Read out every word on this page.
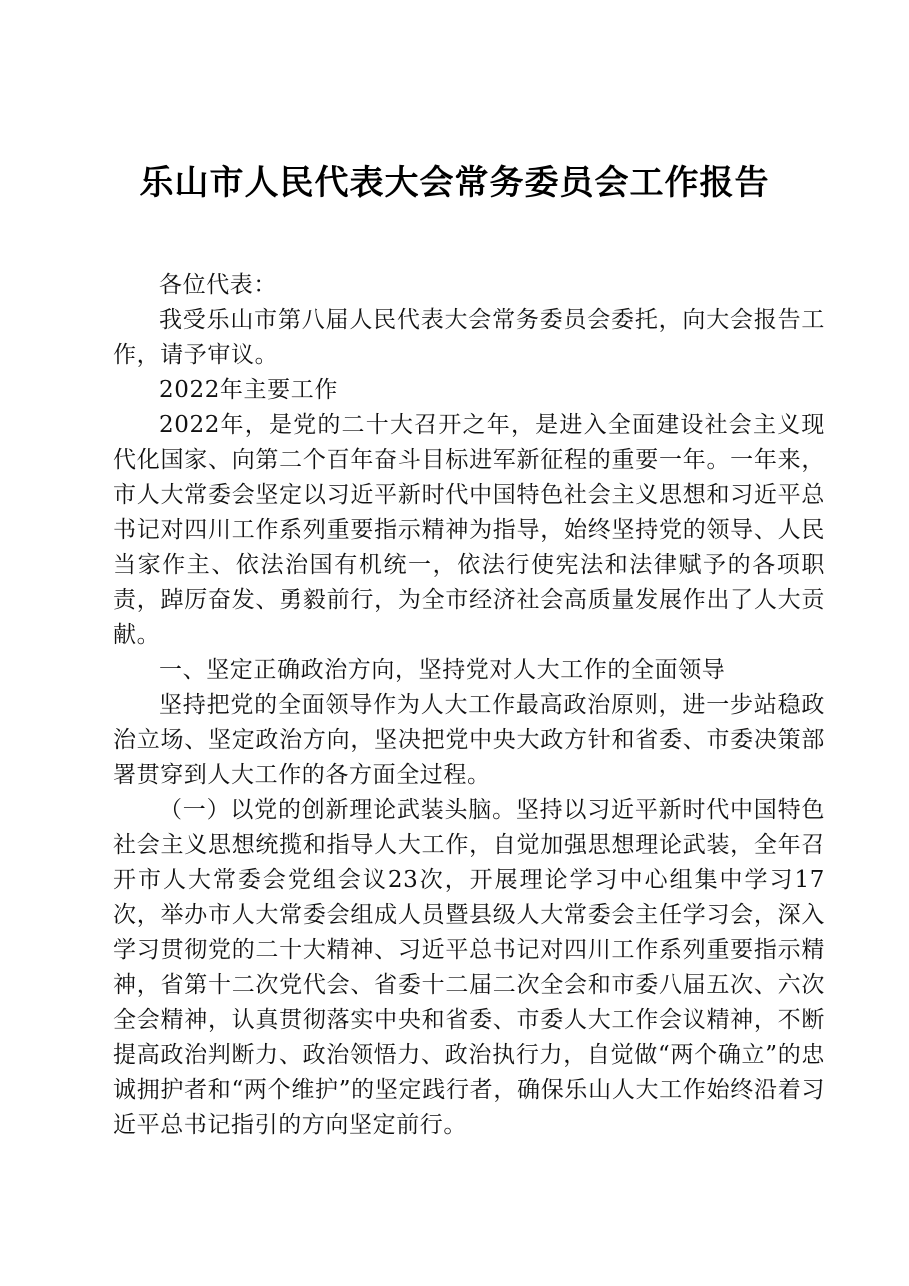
乐山市人民代表大会常务委员会工作报告

各位代表：

我受乐山市第八届人民代表大会常务委员会委托，向大会报告工作，请予审议。

2022年主要工作

2022年，是党的二十大召开之年，是进入全面建设社会主义现代化国家、向第二个百年奋斗目标进军新征程的重要一年。一年来，市人大常委会坚定以习近平新时代中国特色社会主义思想和习近平总书记对四川工作系列重要指示精神为指导，始终坚持党的领导、人民当家作主、依法治国有机统一，依法行使宪法和法律赋予的各项职责，踔厉奋发、勇毅前行，为全市经济社会高质量发展作出了人大贡献。

一、坚定正确政治方向，坚持党对人大工作的全面领导

坚持把党的全面领导作为人大工作最高政治原则，进一步站稳政治立场、坚定政治方向，坚决把党中央大政方针和省委、市委决策部署贯穿到人大工作的各方面全过程。

（一）以党的创新理论武装头脑。坚持以习近平新时代中国特色社会主义思想统揽和指导人大工作，自觉加强思想理论武装，全年召开市人大常委会党组会议23次，开展理论学习中心组集中学习17次，举办市人大常委会组成人员暨县级人大常委会主任学习会，深入学习贯彻党的二十大精神、习近平总书记对四川工作系列重要指示精神，省第十二次党代会、省委十二届二次全会和市委八届五次、六次全会精神，认真贯彻落实中央和省委、市委人大工作会议精神，不断提高政治判断力、政治领悟力、政治执行力，自觉做“两个确立”的忠诚拥护者和“两个维护”的坚定践行者，确保乐山人大工作始终沿着习近平总书记指引的方向坚定前行。
